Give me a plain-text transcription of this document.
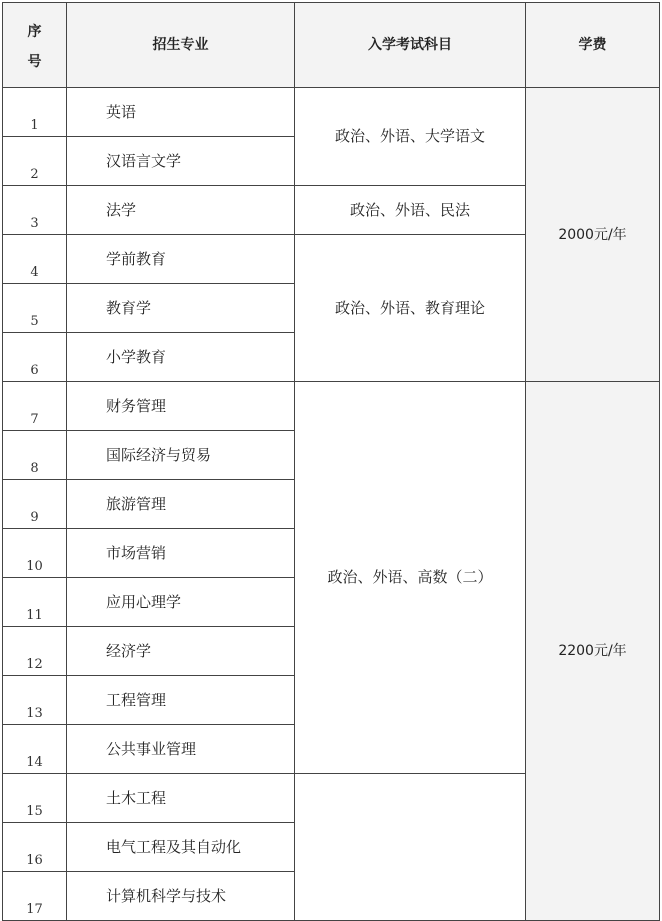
序
号	招生专业	入学考试科目	学费
1	英语	政治、外语、大学语文	2000元/年
2	汉语言文学		
3	法学	政治、外语、民法	
4	学前教育	政治、外语、教育理论	
5	教育学		
6	小学教育		
7	财务管理	政治、外语、高数（二）	2200元/年
8	国际经济与贸易		
9	旅游管理		
10	市场营销		
11	应用心理学		
12	经济学		
13	工程管理		
14	公共事业管理		
15	土木工程		
16	电气工程及其自动化		
17	计算机科学与技术		
